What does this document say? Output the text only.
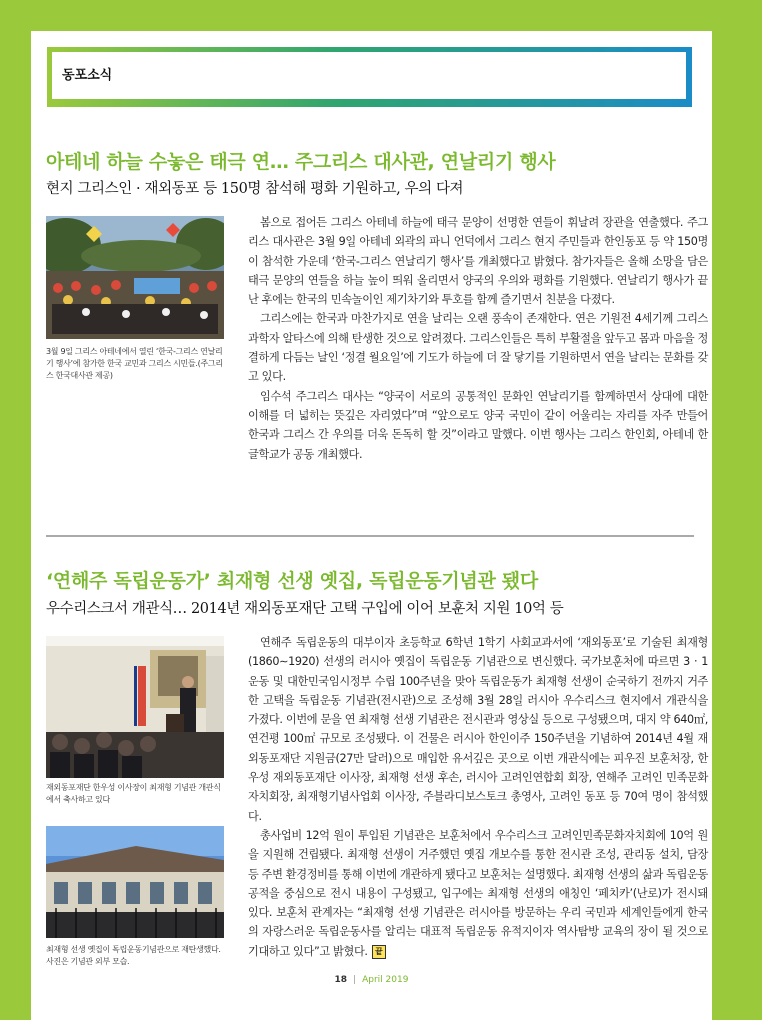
동포소식
아테네 하늘 수놓은 태극 연… 주그리스 대사관, 연날리기 행사
현지 그리스인 · 재외동포 등 150명 참석해 평화 기원하고, 우의 다져
3월 9일 그리스 아테네에서 열린 ‘한국-그리스 연날리기 행사’에 참가한 한국 교민과 그리스 시민들.(주그리스 한국대사관 제공)

봄으로 접어든 그리스 아테네 하늘에 태극 문양이 선명한 연들이 휘날려 장관을 연출했다. 주그리스 대사관은 3월 9일 아테네 외곽의 파니 언덕에서 그리스 현지 주민들과 한인동포 등 약 150명이 참석한 가운데 ‘한국-그리스 연날리기 행사’를 개최했다고 밝혔다. 참가자들은 올해 소망을 담은 태극 문양의 연들을 하늘 높이 띄워 올리면서 양국의 우의와 평화를 기원했다. 연날리기 행사가 끝난 후에는 한국의 민속놀이인 제기차기와 투호를 함께 즐기면서 친분을 다졌다.

그리스에는 한국과 마찬가지로 연을 날리는 오랜 풍속이 존재한다. 연은 기원전 4세기께 그리스 과학자 알타스에 의해 탄생한 것으로 알려졌다. 그리스인들은 특히 부활절을 앞두고 몸과 마음을 정결하게 다듬는 날인 ‘정결 월요일’에 기도가 하늘에 더 잘 닿기를 기원하면서 연을 날리는 문화를 갖고 있다.

임수석 주그리스 대사는 “양국이 서로의 공통적인 문화인 연날리기를 함께하면서 상대에 대한 이해를 더 넓히는 뜻깊은 자리였다”며 “앞으로도 양국 국민이 같이 어울리는 자리를 자주 만들어 한국과 그리스 간 우의를 더욱 돈독히 할 것”이라고 말했다. 이번 행사는 그리스 한인회, 아테네 한글학교가 공동 개최했다.

‘연해주 독립운동가’ 최재형 선생 옛집, 독립운동기념관 됐다
우수리스크서 개관식… 2014년 재외동포재단 고택 구입에 이어 보훈처 지원 10억 등
재외동포재단 한우성 이사장이 최재형 기념관 개관식에서 축사하고 있다
최재형 선생 옛집이 독립운동기념관으로 재탄생했다. 사진은 기념관 외부 모습.

연해주 독립운동의 대부이자 초등학교 6학년 1학기 사회교과서에 ‘재외동포’로 기술된 최재형(1860∼1920) 선생의 러시아 옛집이 독립운동 기념관으로 변신했다. 국가보훈처에 따르면 3 · 1운동 및 대한민국임시정부 수립 100주년을 맞아 독립운동가 최재형 선생이 순국하기 전까지 거주한 고택을 독립운동 기념관(전시관)으로 조성해 3월 28일 러시아 우수리스크 현지에서 개관식을 가졌다. 이번에 문을 연 최재형 선생 기념관은 전시관과 영상실 등으로 구성됐으며, 대지 약 640㎡, 연건평 100㎡ 규모로 조성됐다. 이 건물은 러시아 한인이주 150주년을 기념하여 2014년 4월 재외동포재단 지원금(27만 달러)으로 매입한 유서깊은 곳으로 이번 개관식에는 피우진 보훈처장, 한우성 재외동포재단 이사장, 최재형 선생 후손, 러시아 고려인연합회 회장, 연해주 고려인 민족문화자치회장, 최재형기념사업회 이사장, 주블라디보스토크 총영사, 고려인 동포 등 70여 명이 참석했다.

총사업비 12억 원이 투입된 기념관은 보훈처에서 우수리스크 고려인민족문화자치회에 10억 원을 지원해 건립됐다. 최재형 선생이 거주했던 옛집 개보수를 통한 전시관 조성, 관리동 설치, 담장 등 주변 환경정비를 통해 이번에 개관하게 됐다고 보훈처는 설명했다. 최재형 선생의 삶과 독립운동 공적을 중심으로 전시 내용이 구성됐고, 입구에는 최재형 선생의 애칭인 ‘페치카’(난로)가 전시돼 있다. 보훈처 관계자는 “최재형 선생 기념관은 러시아를 방문하는 우리 국민과 세계인들에게 한국의 자랑스러운 독립운동사를 알리는 대표적 독립운동 유적지이자 역사탐방 교육의 장이 될 것으로 기대하고 있다”고 밝혔다. 끝

18 | April 2019
